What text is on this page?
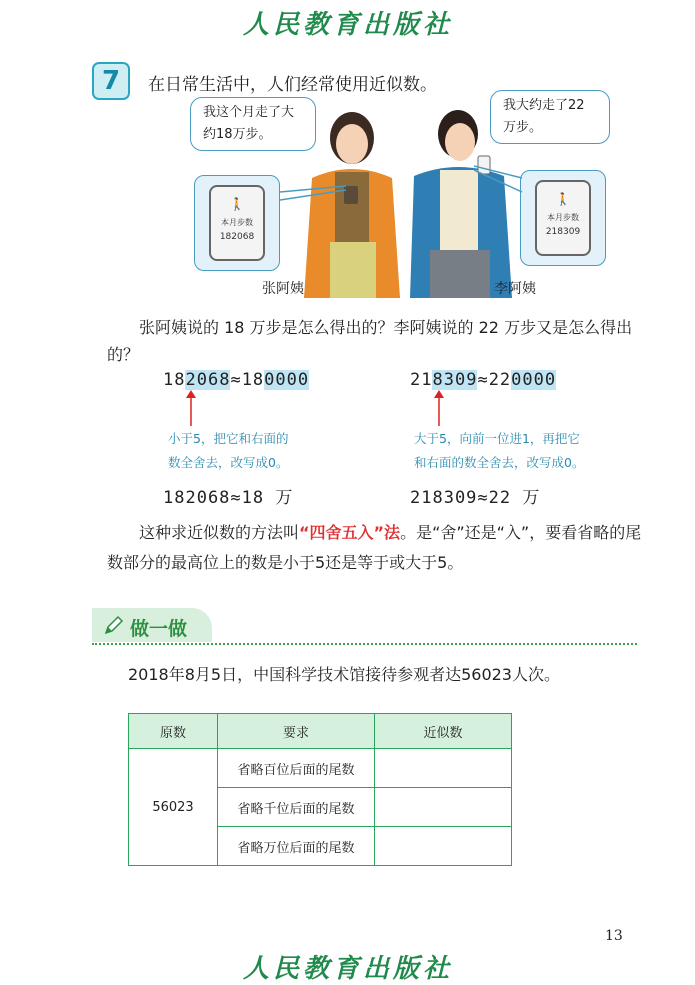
人民教育出版社
7	在日常生活中，人们经常使用近似数。
我这个月走了大约18万步。
我大约走了22万步。
🚶
本月步数
182068
🚶
本月步数
218309
张阿姨	李阿姨
张阿姨说的 18 万步是怎么得出的？李阿姨说的 22 万步又是怎么得出的？
182068≈180000
小于5，把它和右面的
数全舍去，改写成0。
182068≈18 万
218309≈220000
大于5，向前一位进1，再把它
和右面的数全舍去，改写成0。
218309≈22 万
这种求近似数的方法叫“四舍五入”法。是“舍”还是“入”，要看省略的尾数部分的最高位上的数是小于5还是等于或大于5。
做一做
2018年8月5日，中国科学技术馆接待参观者达56023人次。
原数	要求	近似数
56023	省略百位后面的尾数	
	省略千位后面的尾数	
	省略万位后面的尾数	
13
人民教育出版社
